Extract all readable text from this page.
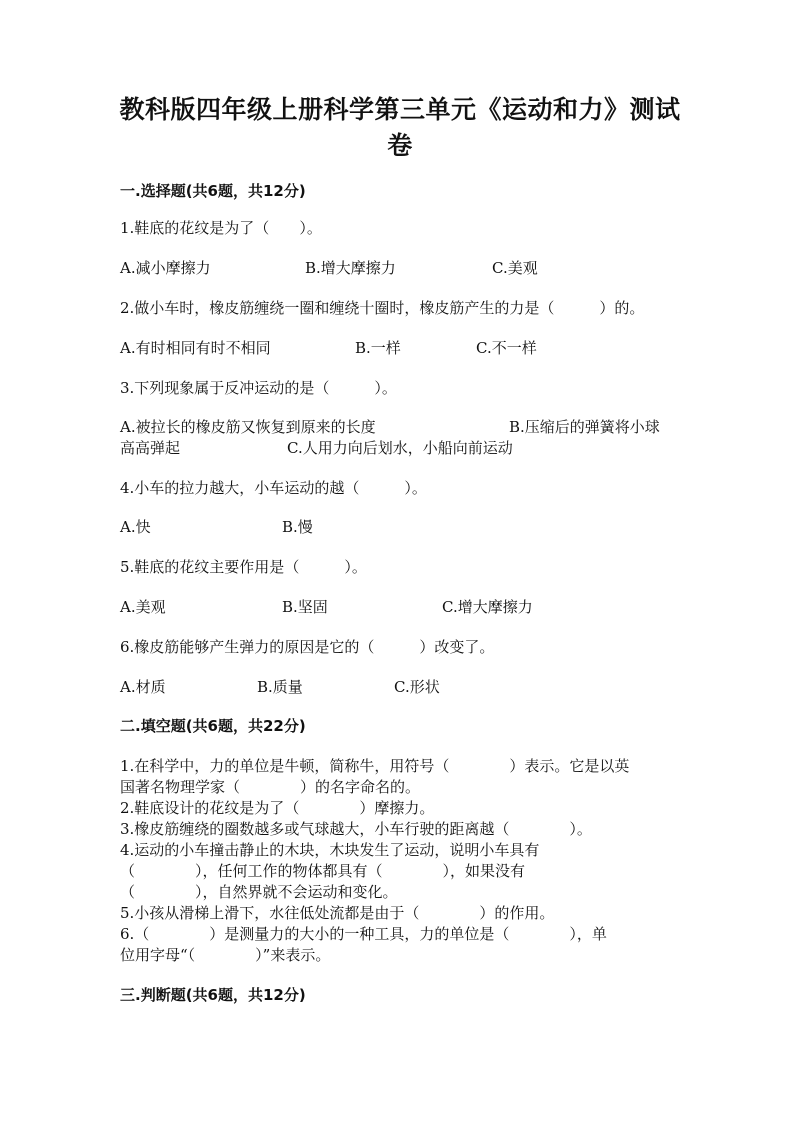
教科版四年级上册科学第三单元《运动和力》测试
卷
一.选择题(共6题，共12分)
1.鞋底的花纹是为了（　　）。
A.减小摩擦力	B.增大摩擦力	C.美观
2.做小车时，橡皮筋缠绕一圈和缠绕十圈时，橡皮筋产生的力是（　　　）的。
A.有时相同有时不相同	B.一样	C.不一样
3.下列现象属于反冲运动的是（　　　）。
A.被拉长的橡皮筋又恢复到原来的长度	B.压缩后的弹簧将小球
高高弹起	C.人用力向后划水，小船向前运动
4.小车的拉力越大，小车运动的越（　　　）。
A.快	B.慢
5.鞋底的花纹主要作用是（　　　）。
A.美观	B.坚固	C.增大摩擦力
6.橡皮筋能够产生弹力的原因是它的（　　　）改变了。
A.材质	B.质量	C.形状
二.填空题(共6题，共22分)
1.在科学中，力的单位是牛顿，简称牛，用符号（　　　　）表示。它是以英
国著名物理学家（　　　　）的名字命名的。
2.鞋底设计的花纹是为了（　　　　）摩擦力。
3.橡皮筋缠绕的圈数越多或气球越大，小车行驶的距离越（　　　　）。
4.运动的小车撞击静止的木块，木块发生了运动，说明小车具有
（　　　　），任何工作的物体都具有（　　　　），如果没有
（　　　　），自然界就不会运动和变化。
5.小孩从滑梯上滑下，水往低处流都是由于（　　　　）的作用。
6.（　　　　）是测量力的大小的一种工具，力的单位是（　　　　），单
位用字母“（　　　　）”来表示。
三.判断题(共6题，共12分)
